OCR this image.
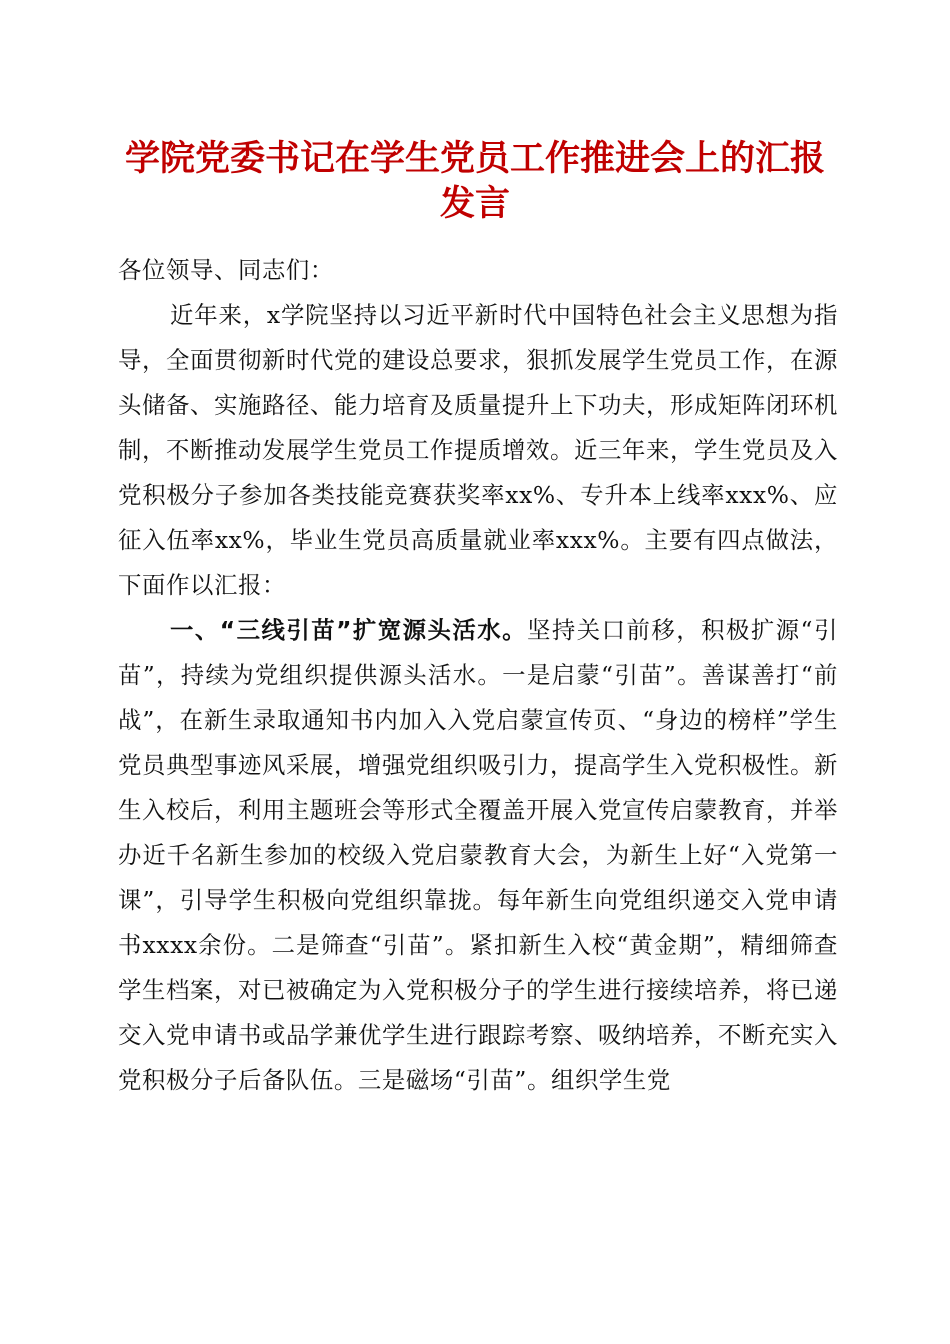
学院党委书记在学生党员工作推进会上的汇报
发言
各位领导、同志们：
近年来，x学院坚持以习近平新时代中国特色社会主义思想为指导，全面贯彻新时代党的建设总要求，狠抓发展学生党员工作，在源头储备、实施路径、能力培育及质量提升上下功夫，形成矩阵闭环机制，不断推动发展学生党员工作提质增效。近三年来，学生党员及入党积极分子参加各类技能竞赛获奖率xx%、专升本上线率xxx%、应征入伍率xx%，毕业生党员高质量就业率xxx%。主要有四点做法，下面作以汇报：
一、“三线引苗”扩宽源头活水。坚持关口前移，积极扩源“引苗”，持续为党组织提供源头活水。一是启蒙“引苗”。善谋善打“前战”，在新生录取通知书内加入入党启蒙宣传页、“身边的榜样”学生党员典型事迹风采展，增强党组织吸引力，提高学生入党积极性。新生入校后，利用主题班会等形式全覆盖开展入党宣传启蒙教育，并举办近千名新生参加的校级入党启蒙教育大会，为新生上好“入党第一课”，引导学生积极向党组织靠拢。每年新生向党组织递交入党申请书xxxx余份。二是筛查“引苗”。紧扣新生入校“黄金期”，精细筛查学生档案，对已被确定为入党积极分子的学生进行接续培养，将已递交入党申请书或品学兼优学生进行跟踪考察、吸纳培养，不断充实入党积极分子后备队伍。三是磁场“引苗”。组织学生党
